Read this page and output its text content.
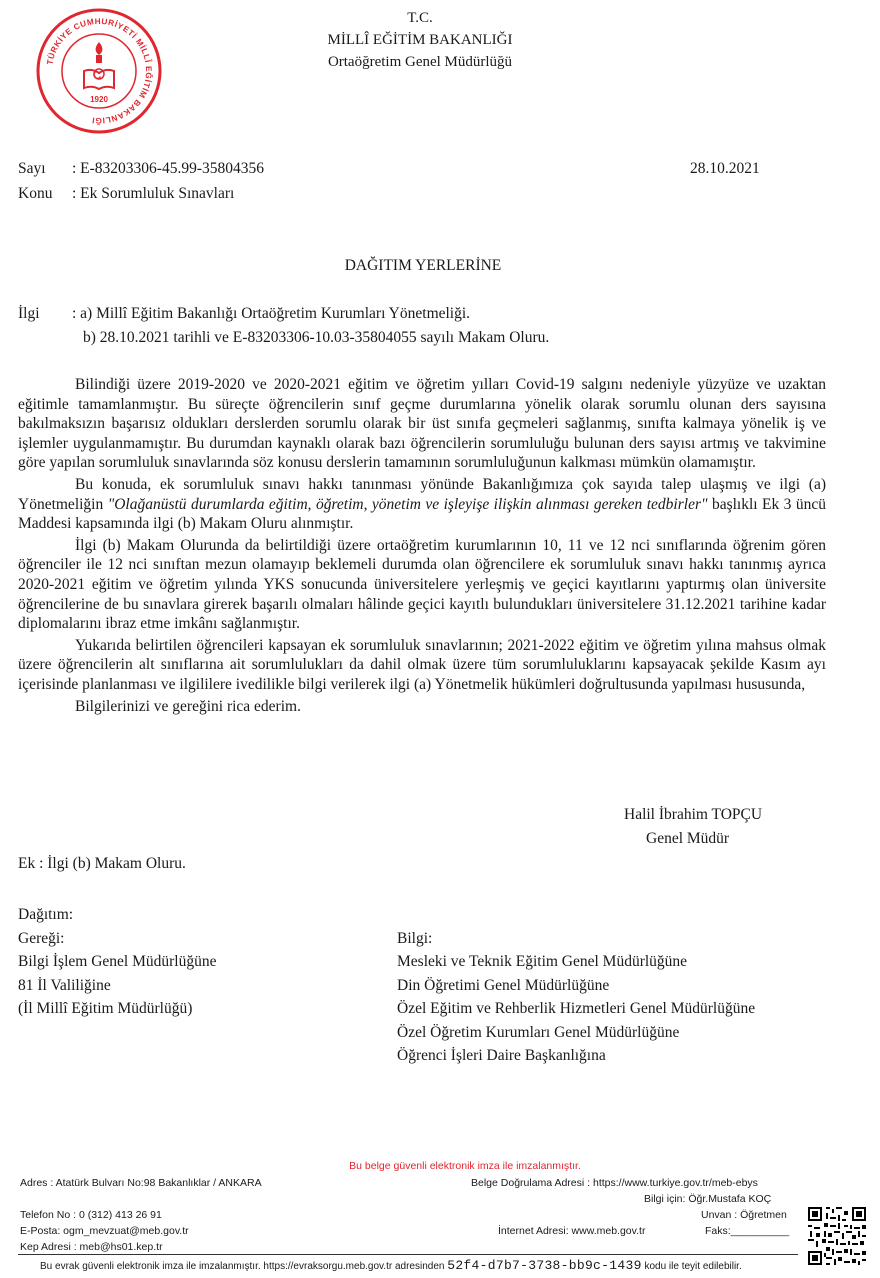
TÜRKİYE CUMHURİYETİ MİLLÎ EĞİTİM BAKANLIĞI
1920
T.C.
MİLLÎ EĞİTİM BAKANLIĞI
Ortaöğretim Genel Müdürlüğü
Sayı : E-83203306-45.99-35804356	28.10.2021
Konu : Ek Sorumluluk Sınavları
DAĞITIM YERLERİNE
İlgi : a) Millî Eğitim Bakanlığı Ortaöğretim Kurumları Yönetmeliği.
b) 28.10.2021 tarihli ve E-83203306-10.03-35804055 sayılı Makam Oluru.

Bilindiği üzere 2019-2020 ve 2020-2021 eğitim ve öğretim yılları Covid-19 salgını nedeniyle yüzyüze ve uzaktan eğitimle tamamlanmıştır. Bu süreçte öğrencilerin sınıf geçme durumlarına yönelik olarak sorumlu olunan ders sayısına bakılmaksızın başarısız oldukları derslerden sorumlu olarak bir üst sınıfa geçmeleri sağlanmış, sınıfta kalmaya yönelik iş ve işlemler uygulanmamıştır. Bu durumdan kaynaklı olarak bazı öğrencilerin sorumluluğu bulunan ders sayısı artmış ve takvimine göre yapılan sorumluluk sınavlarında söz konusu derslerin tamamının sorumluluğunun kalkması mümkün olamamıştır.

Bu konuda, ek sorumluluk sınavı hakkı tanınması yönünde Bakanlığımıza çok sayıda talep ulaşmış ve ilgi (a) Yönetmeliğin "Olağanüstü durumlarda eğitim, öğretim, yönetim ve işleyişe ilişkin alınması gereken tedbirler" başlıklı Ek 3 üncü Maddesi kapsamında ilgi (b) Makam Oluru alınmıştır.

İlgi (b) Makam Olurunda da belirtildiği üzere ortaöğretim kurumlarının 10, 11 ve 12 nci sınıflarında öğrenim gören öğrenciler ile 12 nci sınıftan mezun olamayıp beklemeli durumda olan öğrencilere ek sorumluluk sınavı hakkı tanınmış ayrıca 2020-2021 eğitim ve öğretim yılında YKS sonucunda üniversitelere yerleşmiş ve geçici kayıtlarını yaptırmış olan üniversite öğrencilerine de bu sınavlara girerek başarılı olmaları hâlinde geçici kayıtlı bulundukları üniversitelere 31.12.2021 tarihine kadar diplomalarını ibraz etme imkânı sağlanmıştır.

Yukarıda belirtilen öğrencileri kapsayan ek sorumluluk sınavlarının; 2021-2022 eğitim ve öğretim yılına mahsus olmak üzere öğrencilerin alt sınıflarına ait sorumlulukları da dahil olmak üzere tüm sorumluluklarını kapsayacak şekilde Kasım ayı içerisinde planlanması ve ilgililere ivedilikle bilgi verilerek ilgi (a) Yönetmelik hükümleri doğrultusunda yapılması hususunda,

Bilgilerinizi ve gereğini rica ederim.

Halil İbrahim TOPÇU
Genel Müdür
Ek : İlgi (b) Makam Oluru.
Dağıtım:
Gereği:
Bilgi İşlem Genel Müdürlüğüne
81 İl Valiliğine
(İl Millî Eğitim Müdürlüğü)
Bilgi:
Mesleki ve Teknik Eğitim Genel Müdürlüğüne
Din Öğretimi Genel Müdürlüğüne
Özel Eğitim ve Rehberlik Hizmetleri Genel Müdürlüğüne
Özel Öğretim Kurumları Genel Müdürlüğüne
Öğrenci İşleri Daire Başkanlığına
Bu belge güvenli elektronik imza ile imzalanmıştır.
Adres : Atatürk Bulvarı No:98 Bakanlıklar / ANKARA	Belge Doğrulama Adresi : https://www.turkiye.gov.tr/meb-ebys
Bilgi için: Öğr.Mustafa KOÇ
Unvan : Öğretmen
Telefon No : 0 (312) 413 26 91
E-Posta: ogm_mevzuat@meb.gov.tr	İnternet Adresi: www.meb.gov.tr	Faks:__________
Kep Adresi : meb@hs01.kep.tr
Bu evrak güvenli elektronik imza ile imzalanmıştır. https://evraksorgu.meb.gov.tr adresinden 52f4-d7b7-3738-bb9c-1439 kodu ile teyit edilebilir.
